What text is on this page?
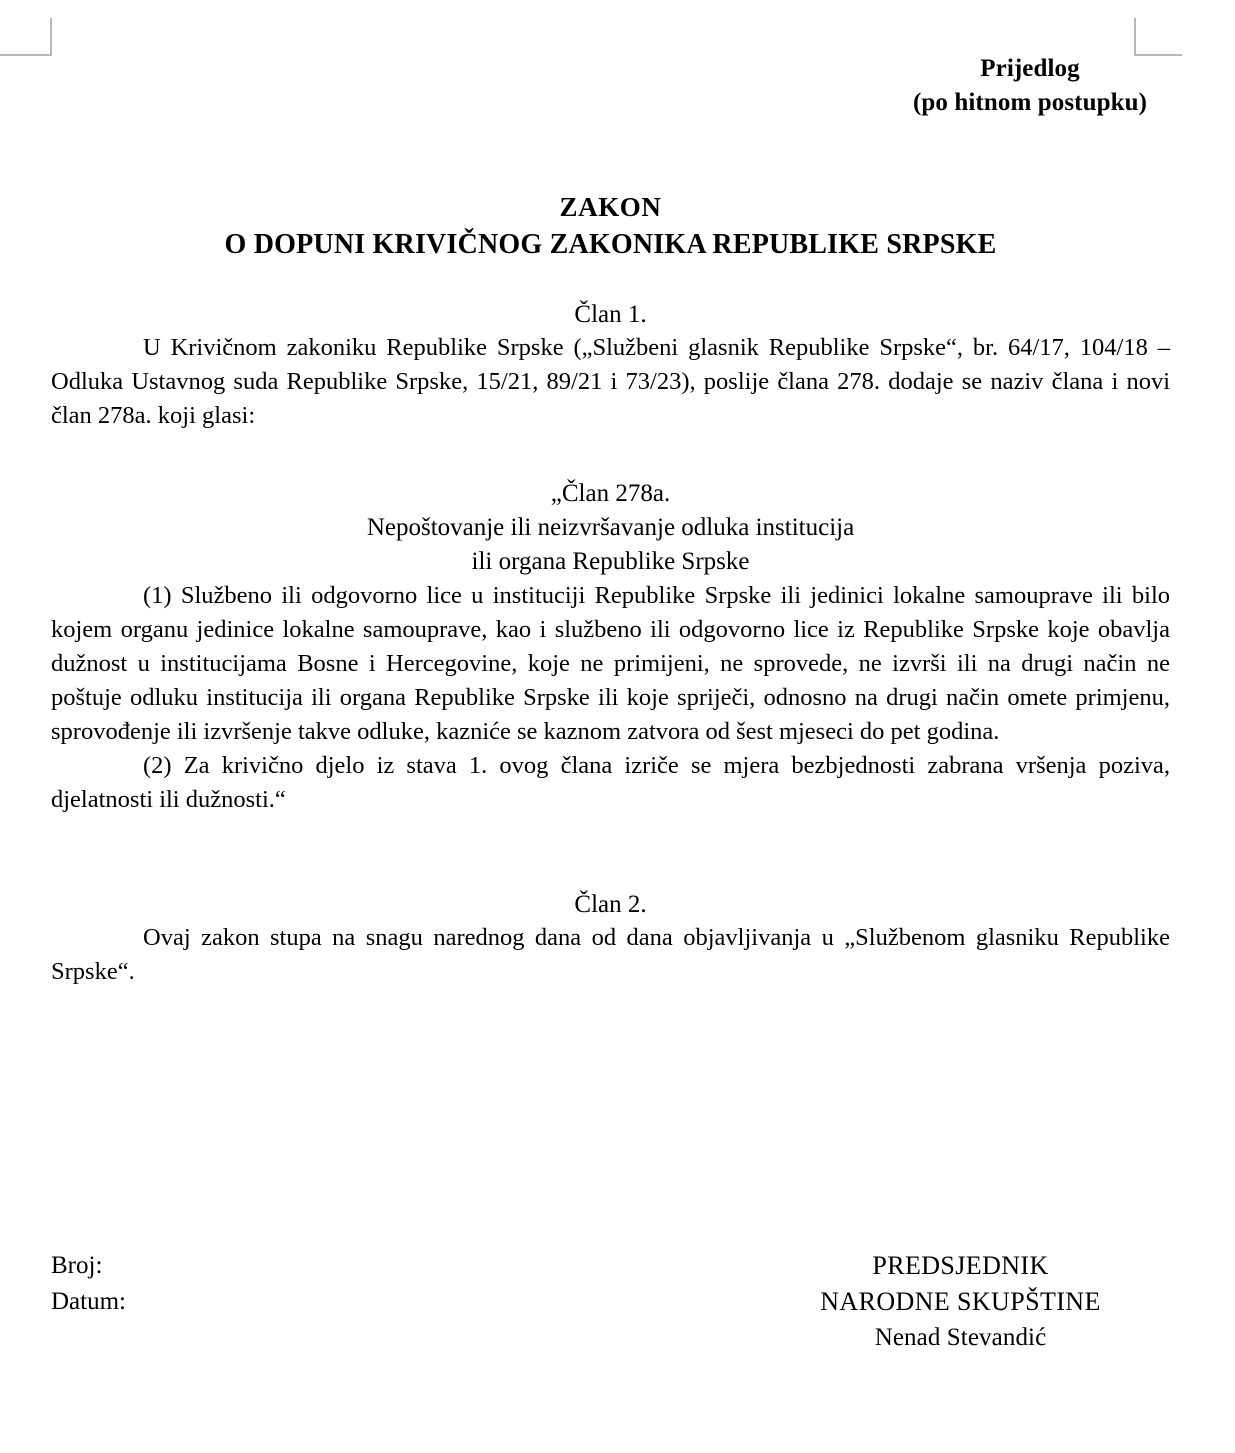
Prijedlog
(po hitnom postupku)
ZAKON
O DOPUNI KRIVIČNOG ZAKONIKA REPUBLIKE SRPSKE
Član 1.

U Krivičnom zakoniku Republike Srpske („Službeni glasnik Republike Srpske“, br. 64/17, 104/18 – Odluka Ustavnog suda Republike Srpske, 15/21, 89/21 i 73/23), poslije člana 278. dodaje se naziv člana i novi član 278a. koji glasi:

„Član 278a.
Nepoštovanje ili neizvršavanje odluka institucija
ili organa Republike Srpske

(1) Službeno ili odgovorno lice u instituciji Republike Srpske ili jedinici lokalne samouprave ili bilo kojem organu jedinice lokalne samouprave, kao i službeno ili odgovorno lice iz Republike Srpske koje obavlja dužnost u institucijama Bosne i Hercegovine, koje ne primijeni, ne sprovede, ne izvrši ili na drugi način ne poštuje odluku institucija ili organa Republike Srpske ili koje spriječi, odnosno na drugi način omete primjenu, sprovođenje ili izvršenje takve odluke, kazniće se kaznom zatvora od šest mjeseci do pet godina.

(2) Za krivično djelo iz stava 1. ovog člana izriče se mjera bezbjednosti zabrana vršenja poziva, djelatnosti ili dužnosti.“

Član 2.

Ovaj zakon stupa na snagu narednog dana od dana objavljivanja u „Službenom glasniku Republike Srpske“.

Broj:
Datum:
PREDSJEDNIK
NARODNE SKUPŠTINE
Nenad Stevandić
